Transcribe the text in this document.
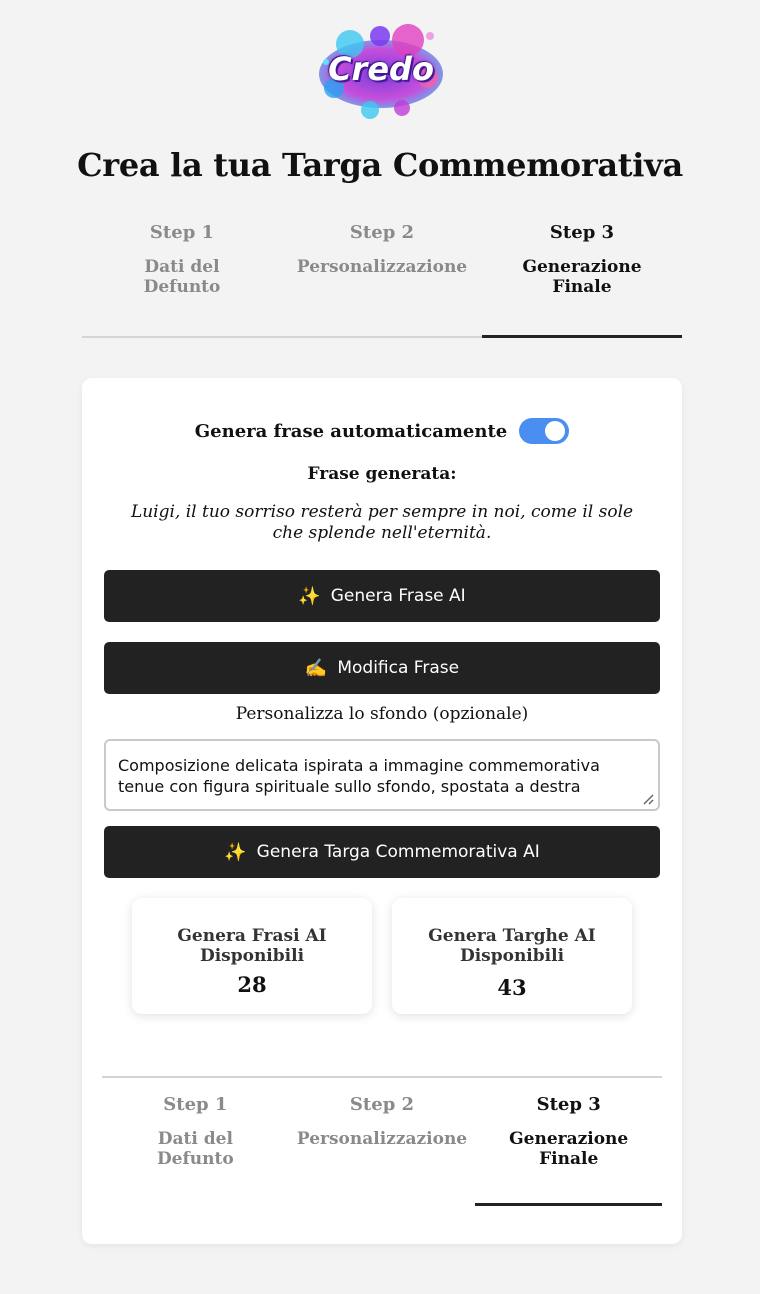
Credo
Crea la tua Targa Commemorativa
Step 1
Dati del Defunto
Step 2
Personalizzazione
Step 3
Generazione Finale
Genera frase automaticamente
Frase generata:
Luigi, il tuo sorriso resterà per sempre in noi, come il sole che splende nell'eternità.
✨ Genera Frase AI
✍️ Modifica Frase
Personalizza lo sfondo (opzionale)
Composizione delicata ispirata a immagine commemorativa tenue con figura spirituale sullo sfondo, spostata a destra
✨ Genera Targa Commemorativa AI
Genera Frasi AI Disponibili
28
Genera Targhe AI Disponibili
43
Step 1
Dati del Defunto
Step 2
Personalizzazione
Step 3
Generazione Finale
